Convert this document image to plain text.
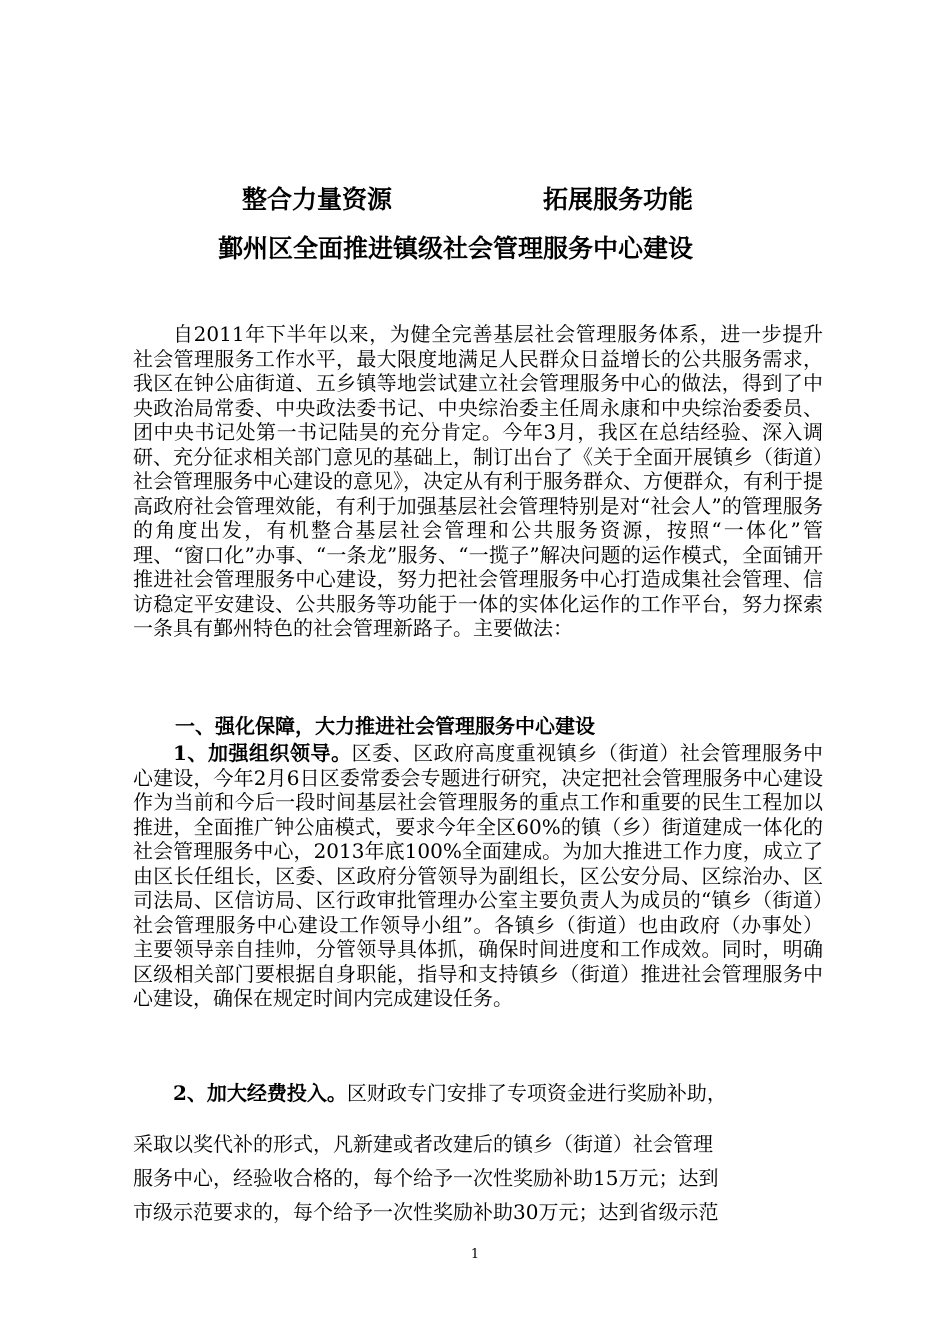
整合力量资源	拓展服务功能
鄞州区全面推进镇级社会管理服务中心建设
自2011年下半年以来，为健全完善基层社会管理服务体系，进一步提升社会管理服务工作水平，最大限度地满足人民群众日益增长的公共服务需求，我区在钟公庙街道、五乡镇等地尝试建立社会管理服务中心的做法，得到了中央政治局常委、中央政法委书记、中央综治委主任周永康和中央综治委委员、团中央书记处第一书记陆昊的充分肯定。今年3月，我区在总结经验、深入调研、充分征求相关部门意见的基础上，制订出台了《关于全面开展镇乡（街道）社会管理服务中心建设的意见》，决定从有利于服务群众、方便群众，有利于提高政府社会管理效能，有利于加强基层社会管理特别是对“社会人”的管理服务的角度出发，有机整合基层社会管理和公共服务资源，按照“一体化”管理、“窗口化”办事、“一条龙”服务、“一揽子”解决问题的运作模式，全面铺开推进社会管理服务中心建设，努力把社会管理服务中心打造成集社会管理、信访稳定平安建设、公共服务等功能于一体的实体化运作的工作平台，努力探索一条具有鄞州特色的社会管理新路子。主要做法：
一、强化保障，大力推进社会管理服务中心建设
1、加强组织领导。区委、区政府高度重视镇乡（街道）社会管理服务中心建设，今年2月6日区委常委会专题进行研究，决定把社会管理服务中心建设作为当前和今后一段时间基层社会管理服务的重点工作和重要的民生工程加以推进，全面推广钟公庙模式，要求今年全区60%的镇（乡）街道建成一体化的社会管理服务中心，2013年底100%全面建成。为加大推进工作力度，成立了由区长任组长，区委、区政府分管领导为副组长，区公安分局、区综治办、区司法局、区信访局、区行政审批管理办公室主要负责人为成员的“镇乡（街道）社会管理服务中心建设工作领导小组”。各镇乡（街道）也由政府（办事处）主要领导亲自挂帅，分管领导具体抓，确保时间进度和工作成效。同时，明确区级相关部门要根据自身职能，指导和支持镇乡（街道）推进社会管理服务中心建设，确保在规定时间内完成建设任务。
2、加大经费投入。区财政专门安排了专项资金进行奖励补助，
采取以奖代补的形式，凡新建或者改建后的镇乡（街道）社会管理
服务中心，经验收合格的，每个给予一次性奖励补助15万元；达到
市级示范要求的，每个给予一次性奖励补助30万元；达到省级示范
1
